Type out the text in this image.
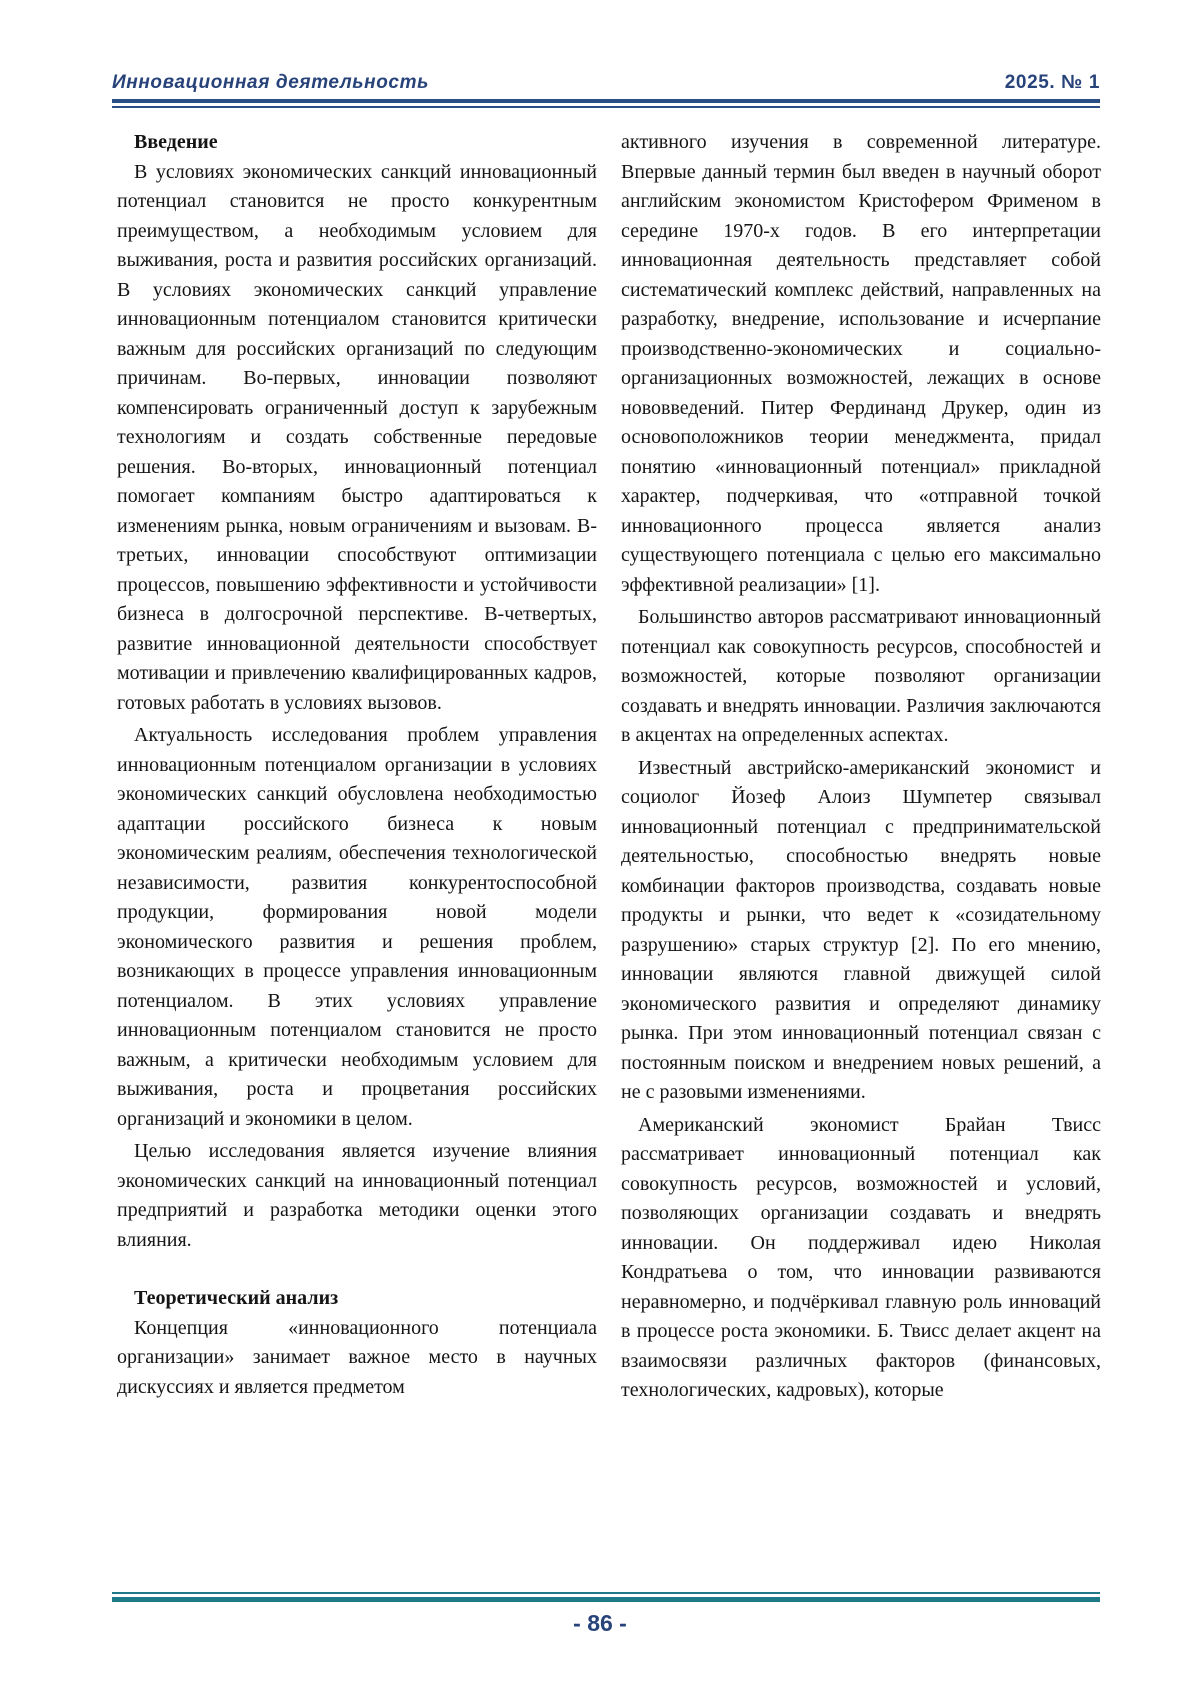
Инновационная деятельность	2025. № 1
Введение

В условиях экономических санкций инновационный потенциал становится не просто конкурентным преимуществом, а необходимым условием для выживания, роста и развития российских организаций. В условиях экономических санкций управление инновационным потенциалом становится критически важным для российских организаций по следующим причинам. Во-первых, инновации позволяют компенсировать ограниченный доступ к зарубежным технологиям и создать собственные передовые решения. Во-вторых, инновационный потенциал помогает компаниям быстро адаптироваться к изменениям рынка, новым ограничениям и вызовам. В-третьих, инновации способствуют оптимизации процессов, повышению эффективности и устойчивости бизнеса в долгосрочной перспективе. В-четвертых, развитие инновационной деятельности способствует мотивации и привлечению квалифицированных кадров, готовых работать в условиях вызовов.

Актуальность исследования проблем управления инновационным потенциалом организации в условиях экономических санкций обусловлена необходимостью адаптации российского бизнеса к новым экономическим реалиям, обеспечения технологической независимости, развития конкурентоспособной продукции, формирования новой модели экономического развития и решения проблем, возникающих в процессе управления инновационным потенциалом. В этих условиях управление инновационным потенциалом становится не просто важным, а критически необходимым условием для выживания, роста и процветания российских организаций и экономики в целом.

Целью исследования является изучение влияния экономических санкций на инновационный потенциал предприятий и разработка методики оценки этого влияния.

Теоретический анализ

Концепция «инновационного потенциала организации» занимает важное место в научных дискуссиях и является предметом

активного изучения в современной литературе. Впервые данный термин был введен в научный оборот английским экономистом Кристофером Фрименом в середине 1970-х годов. В его интерпретации инновационная деятельность представляет собой систематический комплекс действий, направленных на разработку, внедрение, использование и исчерпание производственно-экономических и социально-организационных возможностей, лежащих в основе нововведений. Питер Фердинанд Друкер, один из основоположников теории менеджмента, придал понятию «инновационный потенциал» прикладной характер, подчеркивая, что «отправной точкой инновационного процесса является анализ существующего потенциала с целью его максимально эффективной реализации» [1].

Большинство авторов рассматривают инновационный потенциал как совокупность ресурсов, способностей и возможностей, которые позволяют организации создавать и внедрять инновации. Различия заключаются в акцентах на определенных аспектах.

Известный австрийско-американский экономист и социолог Йозеф Алоиз Шумпетер связывал инновационный потенциал с предпринимательской деятельностью, способностью внедрять новые комбинации факторов производства, создавать новые продукты и рынки, что ведет к «созидательному разрушению» старых структур [2]. По его мнению, инновации являются главной движущей силой экономического развития и определяют динамику рынка. При этом инновационный потенциал связан с постоянным поиском и внедрением новых решений, а не с разовыми изменениями.

Американский экономист Брайан Твисс рассматривает инновационный потенциал как совокупность ресурсов, возможностей и условий, позволяющих организации создавать и внедрять инновации. Он поддерживал идею Николая Кондратьева о том, что инновации развиваются неравномерно, и подчёркивал главную роль инноваций в процессе роста экономики. Б. Твисс делает акцент на взаимосвязи различных факторов (финансовых, технологических, кадровых), которые

- 86 -
